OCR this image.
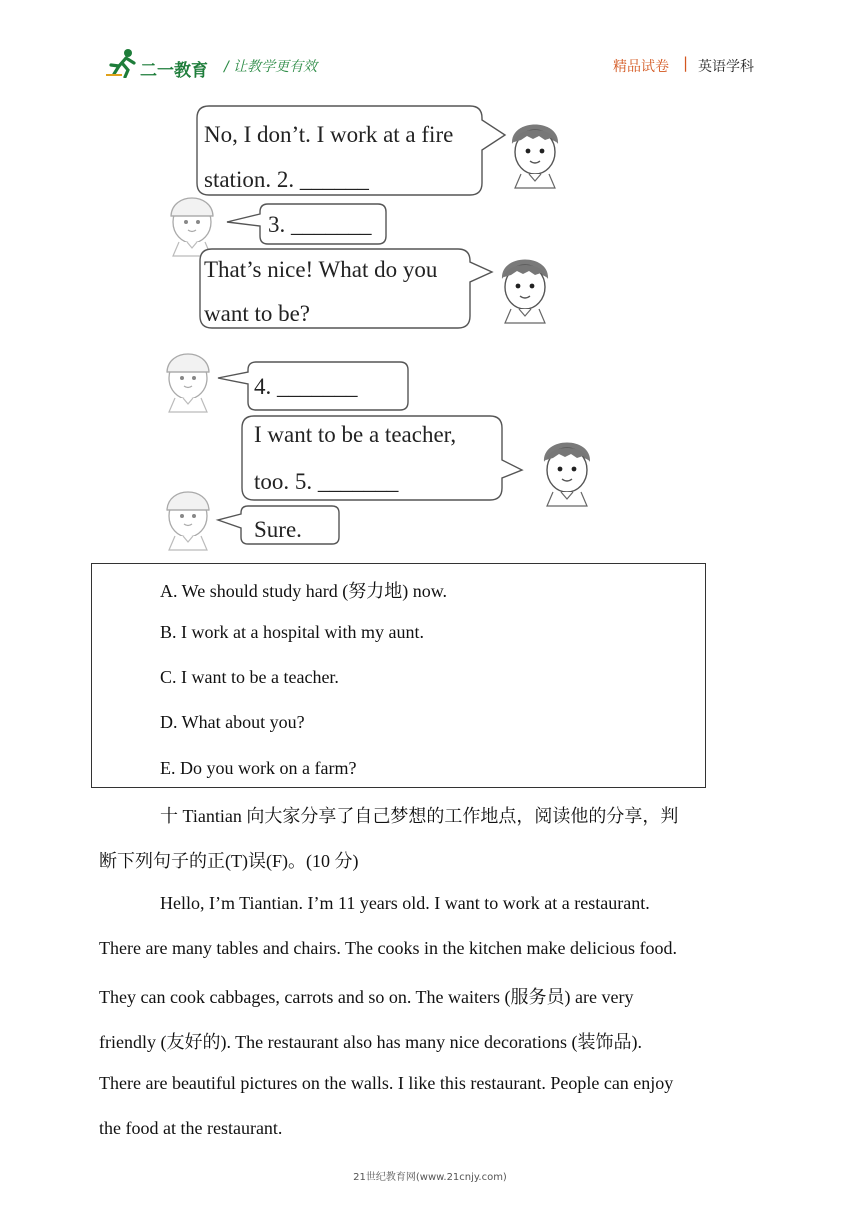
二一教育 / 让教学更有效	精品试卷 | 英语学科
No, I don’t. I work at a fire
station. 2. ______
3. _______
That’s nice! What do you
want to be?
4. _______
I want to be a teacher,
too. 5. _______
Sure.
A. We should study hard (努力地) now.
B. I work at a hospital with my aunt.
C. I want to be a teacher.
D. What about you?
E. Do you work on a farm?
十 Tiantian 向大家分享了自己梦想的工作地点，阅读他的分享，判
断下列句子的正(T)误(F)。(10 分)
Hello, I’m Tiantian. I’m 11 years old. I want to work at a restaurant.
There are many tables and chairs. The cooks in the kitchen make delicious food.
They can cook cabbages, carrots and so on. The waiters (服务员) are very
friendly (友好的). The restaurant also has many nice decorations (装饰品).
There are beautiful pictures on the walls. I like this restaurant. People can enjoy
the food at the restaurant.
21世纪教育网(www.21cnjy.com)
